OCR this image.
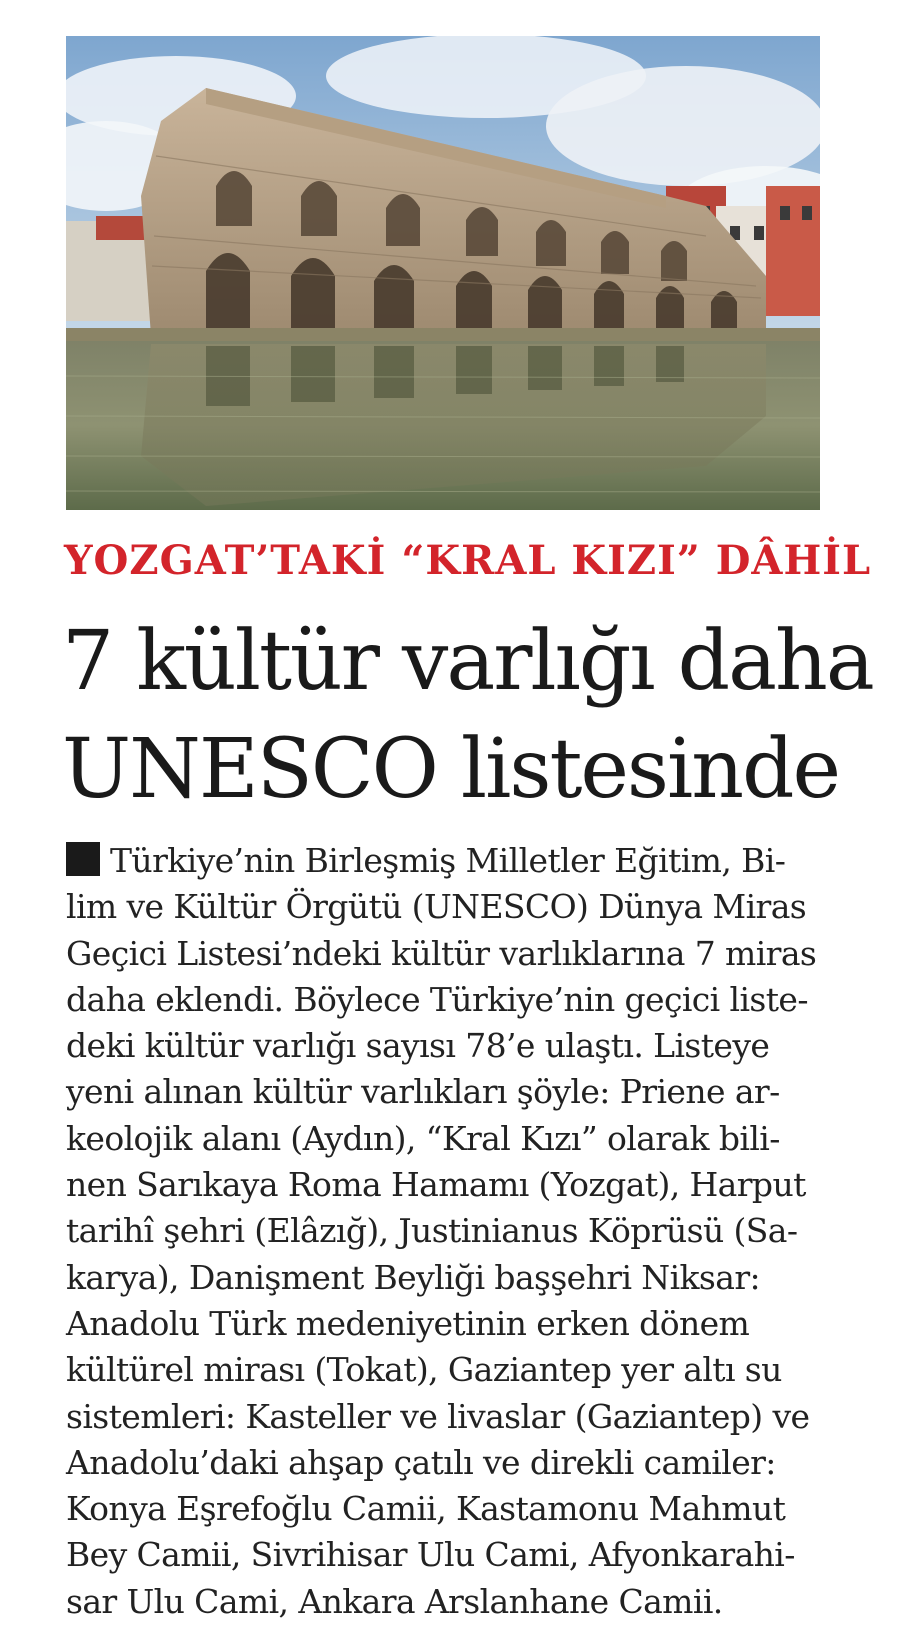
YOZGAT’TAKİ “KRAL KIZI” DÂHİL
7 kültür varlığı daha
UNESCO listesinde
Türkiye’nin Birleşmiş Milletler Eğitim, Bi-
lim ve Kültür Örgütü (UNESCO) Dünya Miras
Geçici Listesi’ndeki kültür varlıklarına 7 miras
daha eklendi. Böylece Türkiye’nin geçici liste-
deki kültür varlığı sayısı 78’e ulaştı. Listeye
yeni alınan kültür varlıkları şöyle: Priene ar-
keolojik alanı (Aydın), “Kral Kızı” olarak bili-
nen Sarıkaya Roma Hamamı (Yozgat), Harput
tarihî şehri (Elâzığ), Justinianus Köprüsü (Sa-
karya), Danişment Beyliği başşehri Niksar:
Anadolu Türk medeniyetinin erken dönem
kültürel mirası (Tokat), Gaziantep yer altı su
sistemleri: Kasteller ve livaslar (Gaziantep) ve
Anadolu’daki ahşap çatılı ve direkli camiler:
Konya Eşrefoğlu Camii, Kastamonu Mahmut
Bey Camii, Sivrihisar Ulu Cami, Afyonkarahi-
sar Ulu Cami, Ankara Arslanhane Camii.
